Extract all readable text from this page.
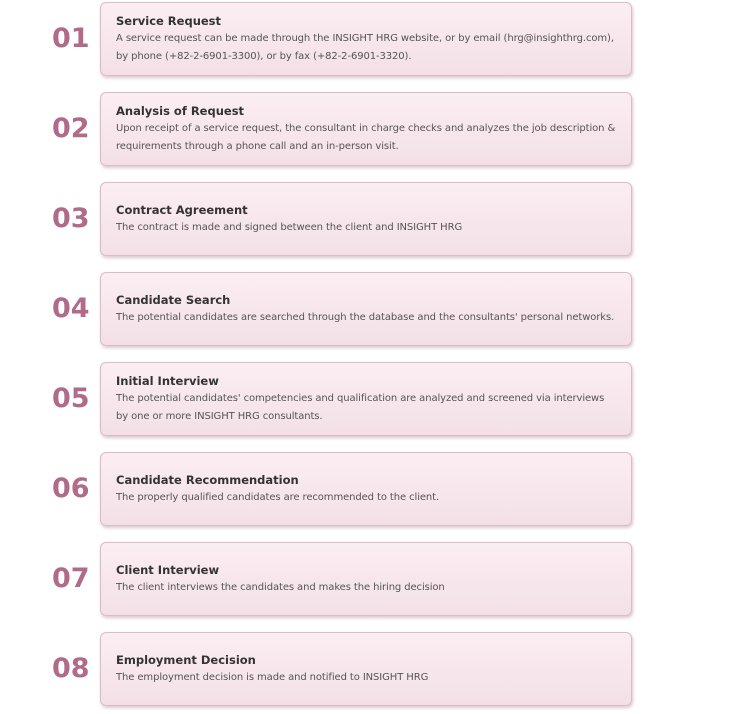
01
Service Request
A service request can be made through the INSIGHT HRG website, or by email (hrg@insighthrg.com), by phone (+82-2-6901-3300), or by fax (+82-2-6901-3320).
02
Analysis of Request
Upon receipt of a service request, the consultant in charge checks and analyzes the job description & requirements through a phone call and an in-person visit.
03	Contract Agreement
The contract is made and signed between the client and INSIGHT HRG
04	Candidate Search
The potential candidates are searched through the database and the consultants' personal networks.
05
Initial Interview
The potential candidates' competencies and qualification are analyzed and screened via interviews by one or more INSIGHT HRG consultants.
06	Candidate Recommendation
The properly qualified candidates are recommended to the client.
07	Client Interview
The client interviews the candidates and makes the hiring decision
08	Employment Decision
The employment decision is made and notified to INSIGHT HRG
